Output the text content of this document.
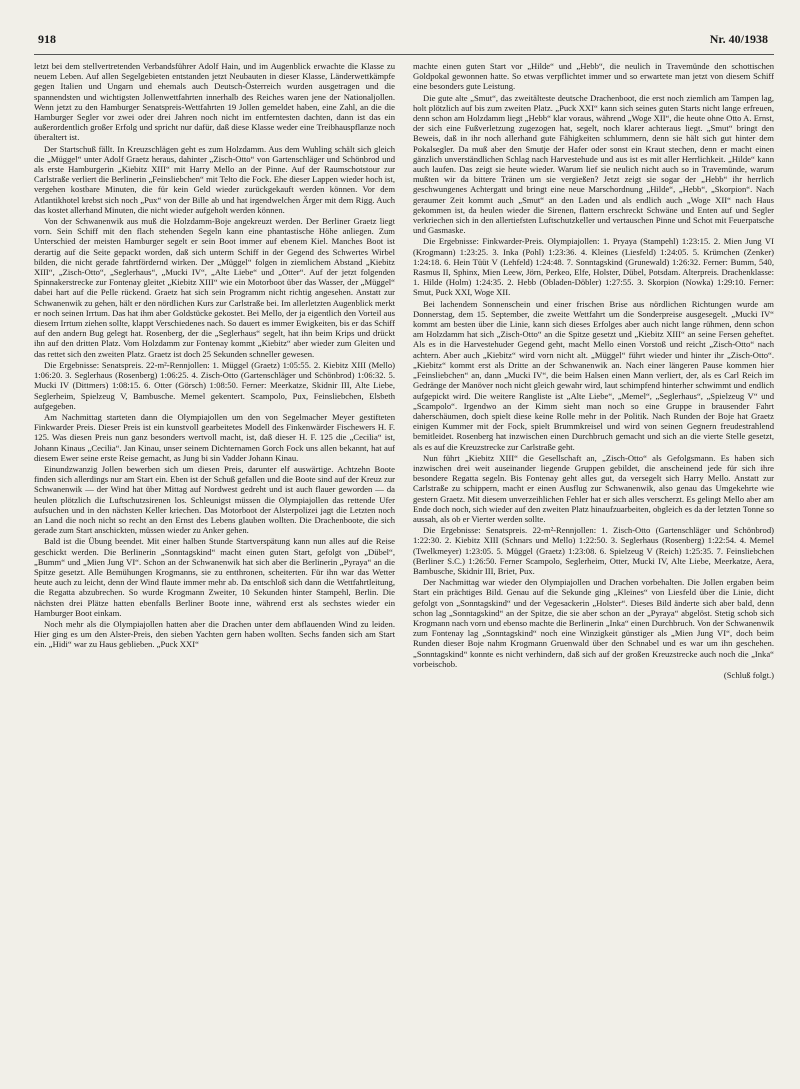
918	Nr. 40/1938

letzt bei dem stellvertretenden Verbandsführer Adolf Hain, und im Augenblick erwachte die Klasse zu neuem Leben. Auf allen Segelgebieten entstanden jetzt Neubauten in dieser Klasse, Länderwettkämpfe gegen Italien und Ungarn und ehemals auch Deutsch-Österreich wurden ausgetragen und die spannendsten und wichtigsten Jollenwettfahrten innerhalb des Reiches waren jene der Nationaljollen. Wenn jetzt zu den Hamburger Senatspreis-Wettfahrten 19 Jollen gemeldet haben, eine Zahl, an die die Hamburger Segler vor zwei oder drei Jahren noch nicht im entferntesten dachten, dann ist das ein außerordentlich großer Erfolg und spricht nur dafür, daß diese Klasse weder eine Treibhauspflanze noch überaltert ist.

Der Startschuß fällt. In Kreuzschlägen geht es zum Holzdamm. Aus dem Wuhling schält sich gleich die „Müggel“ unter Adolf Graetz heraus, dahinter „Zisch-Otto“ von Gartenschläger und Schönbrod und als erste Hamburgerin „Kiebitz XIII“ mit Harry Mello an der Pinne. Auf der Raumschotstour zur Carlstraße verliert die Berlinerin „Feinsliebchen“ mit Telto die Fock. Ehe dieser Lappen wieder hoch ist, vergehen kostbare Minuten, die für kein Geld wieder zurückgekauft werden können. Vor dem Atlantikhotel krebst sich noch „Pux“ von der Bille ab und hat irgendwelchen Ärger mit dem Rigg. Auch das kostet allerhand Minuten, die nicht wieder aufgeholt werden können.

Von der Schwanenwik aus muß die Holzdamm-Boje angekreuzt werden. Der Berliner Graetz liegt vorn. Sein Schiff mit den flach stehenden Segeln kann eine phantastische Höhe anliegen. Zum Unterschied der meisten Hamburger segelt er sein Boot immer auf ebenem Kiel. Manches Boot ist derartig auf die Seite gepackt worden, daß sich unterm Schiff in der Gegend des Schwertes Wirbel bilden, die nicht gerade fahrtfördernd wirken. Der „Müggel“ folgen in ziemlichem Abstand „Kiebitz XIII“, „Zisch-Otto“, „Seglerhaus“, „Mucki IV“, „Alte Liebe“ und „Otter“. Auf der jetzt folgenden Spinnakerstrecke zur Fontenay gleitet „Kiebitz XIII“ wie ein Motorboot über das Wasser, der „Müggel“ dabei hart auf die Pelle rückend. Graetz hat sich sein Programm nicht richtig angesehen. Anstatt zur Schwanenwik zu gehen, hält er den nördlichen Kurs zur Carlstraße bei. Im allerletzten Augenblick merkt er noch seinen Irrtum. Das hat ihm aber Goldstücke gekostet. Bei Mello, der ja eigentlich den Vorteil aus diesem Irrtum ziehen sollte, klappt Verschiedenes nach. So dauert es immer Ewigkeiten, bis er das Schiff auf den andern Bug gelegt hat. Rosenberg, der die „Seglerhaus“ segelt, hat ihn beim Krips und drückt ihn auf den dritten Platz. Vom Holzdamm zur Fontenay kommt „Kiebitz“ aber wieder zum Gleiten und das rettet sich den zweiten Platz. Graetz ist doch 25 Sekunden schneller gewesen.

Die Ergebnisse: Senatspreis. 22-m²-Rennjollen: 1. Müggel (Graetz) 1:05:55. 2. Kiebitz XIII (Mello) 1:06:20. 3. Seglerhaus (Rosenberg) 1:06:25. 4. Zisch-Otto (Gartenschläger und Schönbrod) 1:06:32. 5. Mucki IV (Dittmers) 1:08:15. 6. Otter (Görsch) 1:08:50. Ferner: Meerkatze, Skidnir III, Alte Liebe, Seglerheim, Spielzeug V, Bambusche. Memel gekentert. Scampolo, Pux, Feinsliebchen, Elsbeth aufgegeben.

Am Nachmittag starteten dann die Olympiajollen um den von Segelmacher Meyer gestifteten Finkwarder Preis. Dieser Preis ist ein kunstvoll gearbeitetes Modell des Finkenwärder Fischewers H. F. 125. Was diesen Preis nun ganz besonders wertvoll macht, ist, daß dieser H. F. 125 die „Cecilia“ ist, Johann Kinaus „Cecilia“. Jan Kinau, unser seinem Dichternamen Gorch Fock uns allen bekannt, hat auf diesem Ewer seine erste Reise gemacht, as Jung bi sin Vadder Johann Kinau.

Einundzwanzig Jollen bewerben sich um diesen Preis, darunter elf auswärtige. Achtzehn Boote finden sich allerdings nur am Start ein. Eben ist der Schuß gefallen und die Boote sind auf der Kreuz zur Schwanenwik — der Wind hat über Mittag auf Nordwest gedreht und ist auch flauer geworden — da heulen plötzlich die Luftschutzsirenen los. Schleunigst müssen die Olympiajollen das rettende Ufer aufsuchen und in den nächsten Keller kriechen. Das Motorboot der Alsterpolizei jagt die Letzten noch an Land die noch nicht so recht an den Ernst des Lebens glauben wollten. Die Drachenboote, die sich gerade zum Start anschickten, müssen wieder zu Anker gehen.

Bald ist die Übung beendet. Mit einer halben Stunde Startverspätung kann nun alles auf die Reise geschickt werden. Die Berlinerin „Sonntagskind“ macht einen guten Start, gefolgt von „Dübel“, „Bumm“ und „Mien Jung VI“. Schon an der Schwanenwik hat sich aber die Berlinerin „Pyraya“ an die Spitze gesetzt. Alle Bemühungen Krogmanns, sie zu entthronen, scheiterten. Für ihn war das Wetter heute auch zu leicht, denn der Wind flaute immer mehr ab. Da entschloß sich dann die Wettfahrtleitung, die Regatta abzubrechen. So wurde Krogmann Zweiter, 10 Sekunden hinter Stampehl, Berlin. Die nächsten drei Plätze hatten ebenfalls Berliner Boote inne, während erst als sechstes wieder ein Hamburger Boot einkam.

Noch mehr als die Olympiajollen hatten aber die Drachen unter dem abflauenden Wind zu leiden. Hier ging es um den Alster-Preis, den sieben Yachten gern haben wollten. Sechs fanden sich am Start ein. „Hidi“ war zu Haus geblieben. „Puck XXI“

machte einen guten Start vor „Hilde“ und „Hebb“, die neulich in Travemünde den schottischen Goldpokal gewonnen hatte. So etwas verpflichtet immer und so erwartete man jetzt von diesem Schiff eine besonders gute Leistung.

Die gute alte „Smut“, das zweitälteste deutsche Drachenboot, die erst noch ziemlich am Tampen lag, holt plötzlich auf bis zum zweiten Platz. „Puck XXI“ kann sich seines guten Starts nicht lange erfreuen, denn schon am Holzdamm liegt „Hebb“ klar voraus, während „Woge XII“, die heute ohne Otto A. Ernst, der sich eine Fußverletzung zugezogen hat, segelt, noch klarer achteraus liegt. „Smut“ bringt den Beweis, daß in ihr noch allerhand gute Fähigkeiten schlummern, denn sie hält sich gut hinter dem Pokalsegler. Da muß aber den Smutje der Hafer oder sonst ein Kraut stechen, denn er macht einen gänzlich unverständlichen Schlag nach Harvestehude und aus ist es mit aller Herrlichkeit. „Hilde“ kann auch laufen. Das zeigt sie heute wieder. Warum lief sie neulich nicht auch so in Travemünde, warum mußten wir da bittere Tränen um sie vergießen? Jetzt zeigt sie sogar der „Hebb“ ihr herrlich geschwungenes Achtergatt und bringt eine neue Marschordnung „Hilde“, „Hebb“, „Skorpion“. Nach geraumer Zeit kommt auch „Smut“ an den Laden und als endlich auch „Woge XII“ nach Haus gekommen ist, da heulen wieder die Sirenen, flattern erschreckt Schwäne und Enten auf und Segler verkriechen sich in den allertiefsten Luftschutzkeller und vertauschen Pinne und Schot mit Feuerpatsche und Gasmaske.

Die Ergebnisse: Finkwarder-Preis. Olympiajollen: 1. Pryaya (Stampehl) 1:23:15. 2. Mien Jung VI (Krogmann) 1:23:25. 3. Inka (Pohl) 1:23:36. 4. Kleines (Liesfeld) 1:24:05. 5. Krümchen (Zenker) 1:24:18. 6. Hein Tüüt V (Lehfeld) 1:24:48. 7. Sonntagskind (Grunewald) 1:26:32. Ferner: Bumm, 540, Rasmus II, Sphinx, Mien Leew, Jörn, Perkeo, Elfe, Holster, Dübel, Potsdam. Alterpreis. Drachenklasse: 1. Hilde (Holm) 1:24:35. 2. Hebb (Obladen-Döbler) 1:27:55. 3. Skorpion (Nowka) 1:29:10. Ferner: Smut, Puck XXI, Woge XII.

Bei lachendem Sonnenschein und einer frischen Brise aus nördlichen Richtungen wurde am Donnerstag, dem 15. September, die zweite Wettfahrt um die Sonderpreise ausgesegelt. „Mucki IV“ kommt am besten über die Linie, kann sich dieses Erfolges aber auch nicht lange rühmen, denn schon am Holzdamm hat sich „Zisch-Otto“ an die Spitze gesetzt und „Kiebitz XIII“ an seine Fersen geheftet. Als es in die Harvestehuder Gegend geht, macht Mello einen Vorstoß und reicht „Zisch-Otto“ nach achtern. Aber auch „Kiebitz“ wird vorn nicht alt. „Müggel“ führt wieder und hinter ihr „Zisch-Otto“. „Kiebitz“ kommt erst als Dritte an der Schwanenwik an. Nach einer längeren Pause kommen hier „Feinsliebchen“ an, dann „Mucki IV“, die beim Halsen einen Mann verliert, der, als es Carl Reich im Gedränge der Manöver noch nicht gleich gewahr wird, laut schimpfend hinterher schwimmt und endlich aufgepickt wird. Die weitere Rangliste ist „Alte Liebe“, „Memel“, „Seglerhaus“, „Spielzeug V“ und „Scampolo“. Irgendwo an der Kimm sieht man noch so eine Gruppe in brausender Fahrt daherschäumen, doch spielt diese keine Rolle mehr in der Politik. Nach Runden der Boje hat Graetz einigen Kummer mit der Fock, spielt Brummkreisel und wird von seinen Gegnern freudestrahlend bemitleidet. Rosenberg hat inzwischen einen Durchbruch gemacht und sich an die vierte Stelle gesetzt, als es auf die Kreuzstrecke zur Carlstraße geht.

Nun führt „Kiebitz XIII“ die Gesellschaft an, „Zisch-Otto“ als Gefolgsmann. Es haben sich inzwischen drei weit auseinander liegende Gruppen gebildet, die anscheinend jede für sich ihre besondere Regatta segeln. Bis Fontenay geht alles gut, da versegelt sich Harry Mello. Anstatt zur Carlstraße zu schippern, macht er einen Ausflug zur Schwanenwik, also genau das Umgekehrte wie gestern Graetz. Mit diesem unverzeihlichen Fehler hat er sich alles verscherzt. Es gelingt Mello aber am Ende doch noch, sich wieder auf den zweiten Platz hinaufzuarbeiten, obgleich es da der letzten Tonne so aussah, als ob er Vierter werden sollte.

Die Ergebnisse: Senatspreis. 22-m²-Rennjollen: 1. Zisch-Otto (Gartenschläger und Schönbrod) 1:22:30. 2. Kiebitz XIII (Schnars und Mello) 1:22:50. 3. Seglerhaus (Rosenberg) 1:22:54. 4. Memel (Twelkmeyer) 1:23:05. 5. Müggel (Graetz) 1:23:08. 6. Spielzeug V (Reich) 1:25:35. 7. Feinsliebchen (Berliner S.C.) 1:26:50. Ferner Scampolo, Seglerheim, Otter, Mucki IV, Alte Liebe, Meerkatze, Aera, Bambusche, Skidnir III, Briet, Pux.

Der Nachmittag war wieder den Olympiajollen und Drachen vorbehalten. Die Jollen ergaben beim Start ein prächtiges Bild. Genau auf die Sekunde ging „Kleines“ von Liesfeld über die Linie, dicht gefolgt von „Sonntagskind“ und der Vegesackerin „Holster“. Dieses Bild änderte sich aber bald, denn schon lag „Sonntagskind“ an der Spitze, die sie aber schon an der „Pyraya“ abgelöst. Stetig schob sich Krogmann nach vorn und ebenso machte die Berlinerin „Inka“ einen Durchbruch. Von der Schwanenwik zum Fontenay lag „Sonntagskind“ noch eine Winzigkeit günstiger als „Mien Jung VI“, doch beim Runden dieser Boje nahm Krogmann Gruenwald über den Schnabel und es war um ihn geschehen. „Sonntagskind“ konnte es nicht verhindern, daß sich auf der großen Kreuzstrecke auch noch die „Inka“ vorbeischob.

(Schluß folgt.)
